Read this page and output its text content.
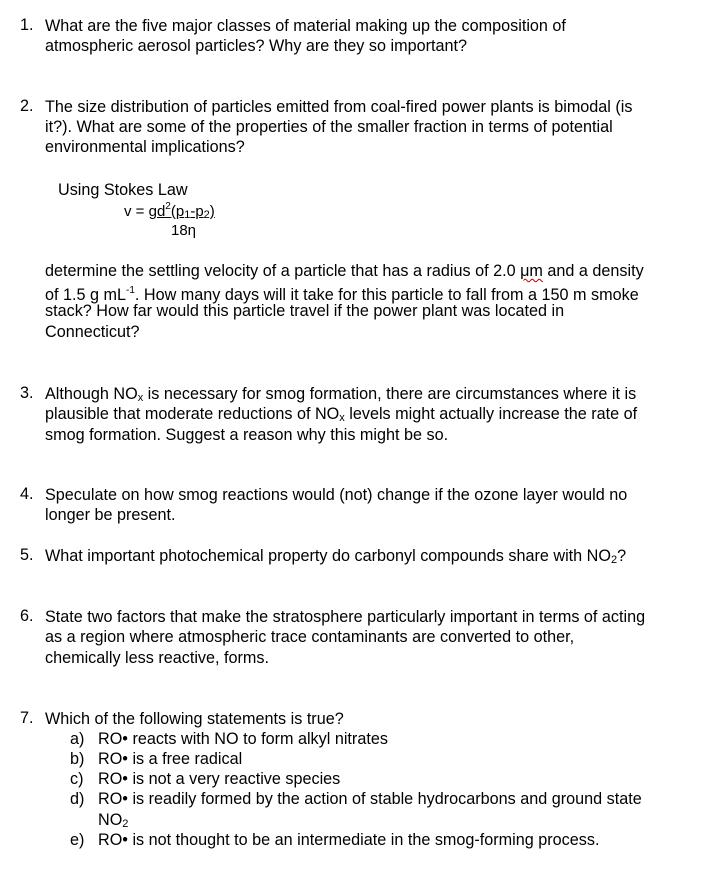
1. What are the five major classes of material making up the composition of
atmospheric aerosol particles? Why are they so important?
2. The size distribution of particles emitted from coal-fired power plants is bimodal (is
it?). What are some of the properties of the smaller fraction in terms of potential
environmental implications?
Using Stokes Law
$v = gd^2(p1-p2)$
18η
determine the settling velocity of a particle that has a radius of 2.0 μm and a density
of 1.5 g $mL^{-1}$. How many days will it take for this particle to fall from a 150 m smoke
stack? How far would this particle travel if the power plant was located in
Connecticut?
3. Although NOx is necessary for smog formation, there are circumstances where it is
plausible that moderate reductions of NOx levels might actually increase the rate of
smog formation. Suggest a reason why this might be so.
4. Speculate on how smog reactions would (not) change if the ozone layer would no
longer be present.
5. What important photochemical property do carbonyl compounds share with NO2?
6. State two factors that make the stratosphere particularly important in terms of acting
as a region where atmospheric trace contaminants are converted to other,
chemically less reactive, forms.
7. Which of the following statements is true?
a) RO• reacts with NO to form alkyl nitrates
b) RO• is a free radical
c) RO• is not a very reactive species
d) RO• is readily formed by the action of stable hydrocarbons and ground state
NO2
e) RO• is not thought to be an intermediate in the smog-forming process.
